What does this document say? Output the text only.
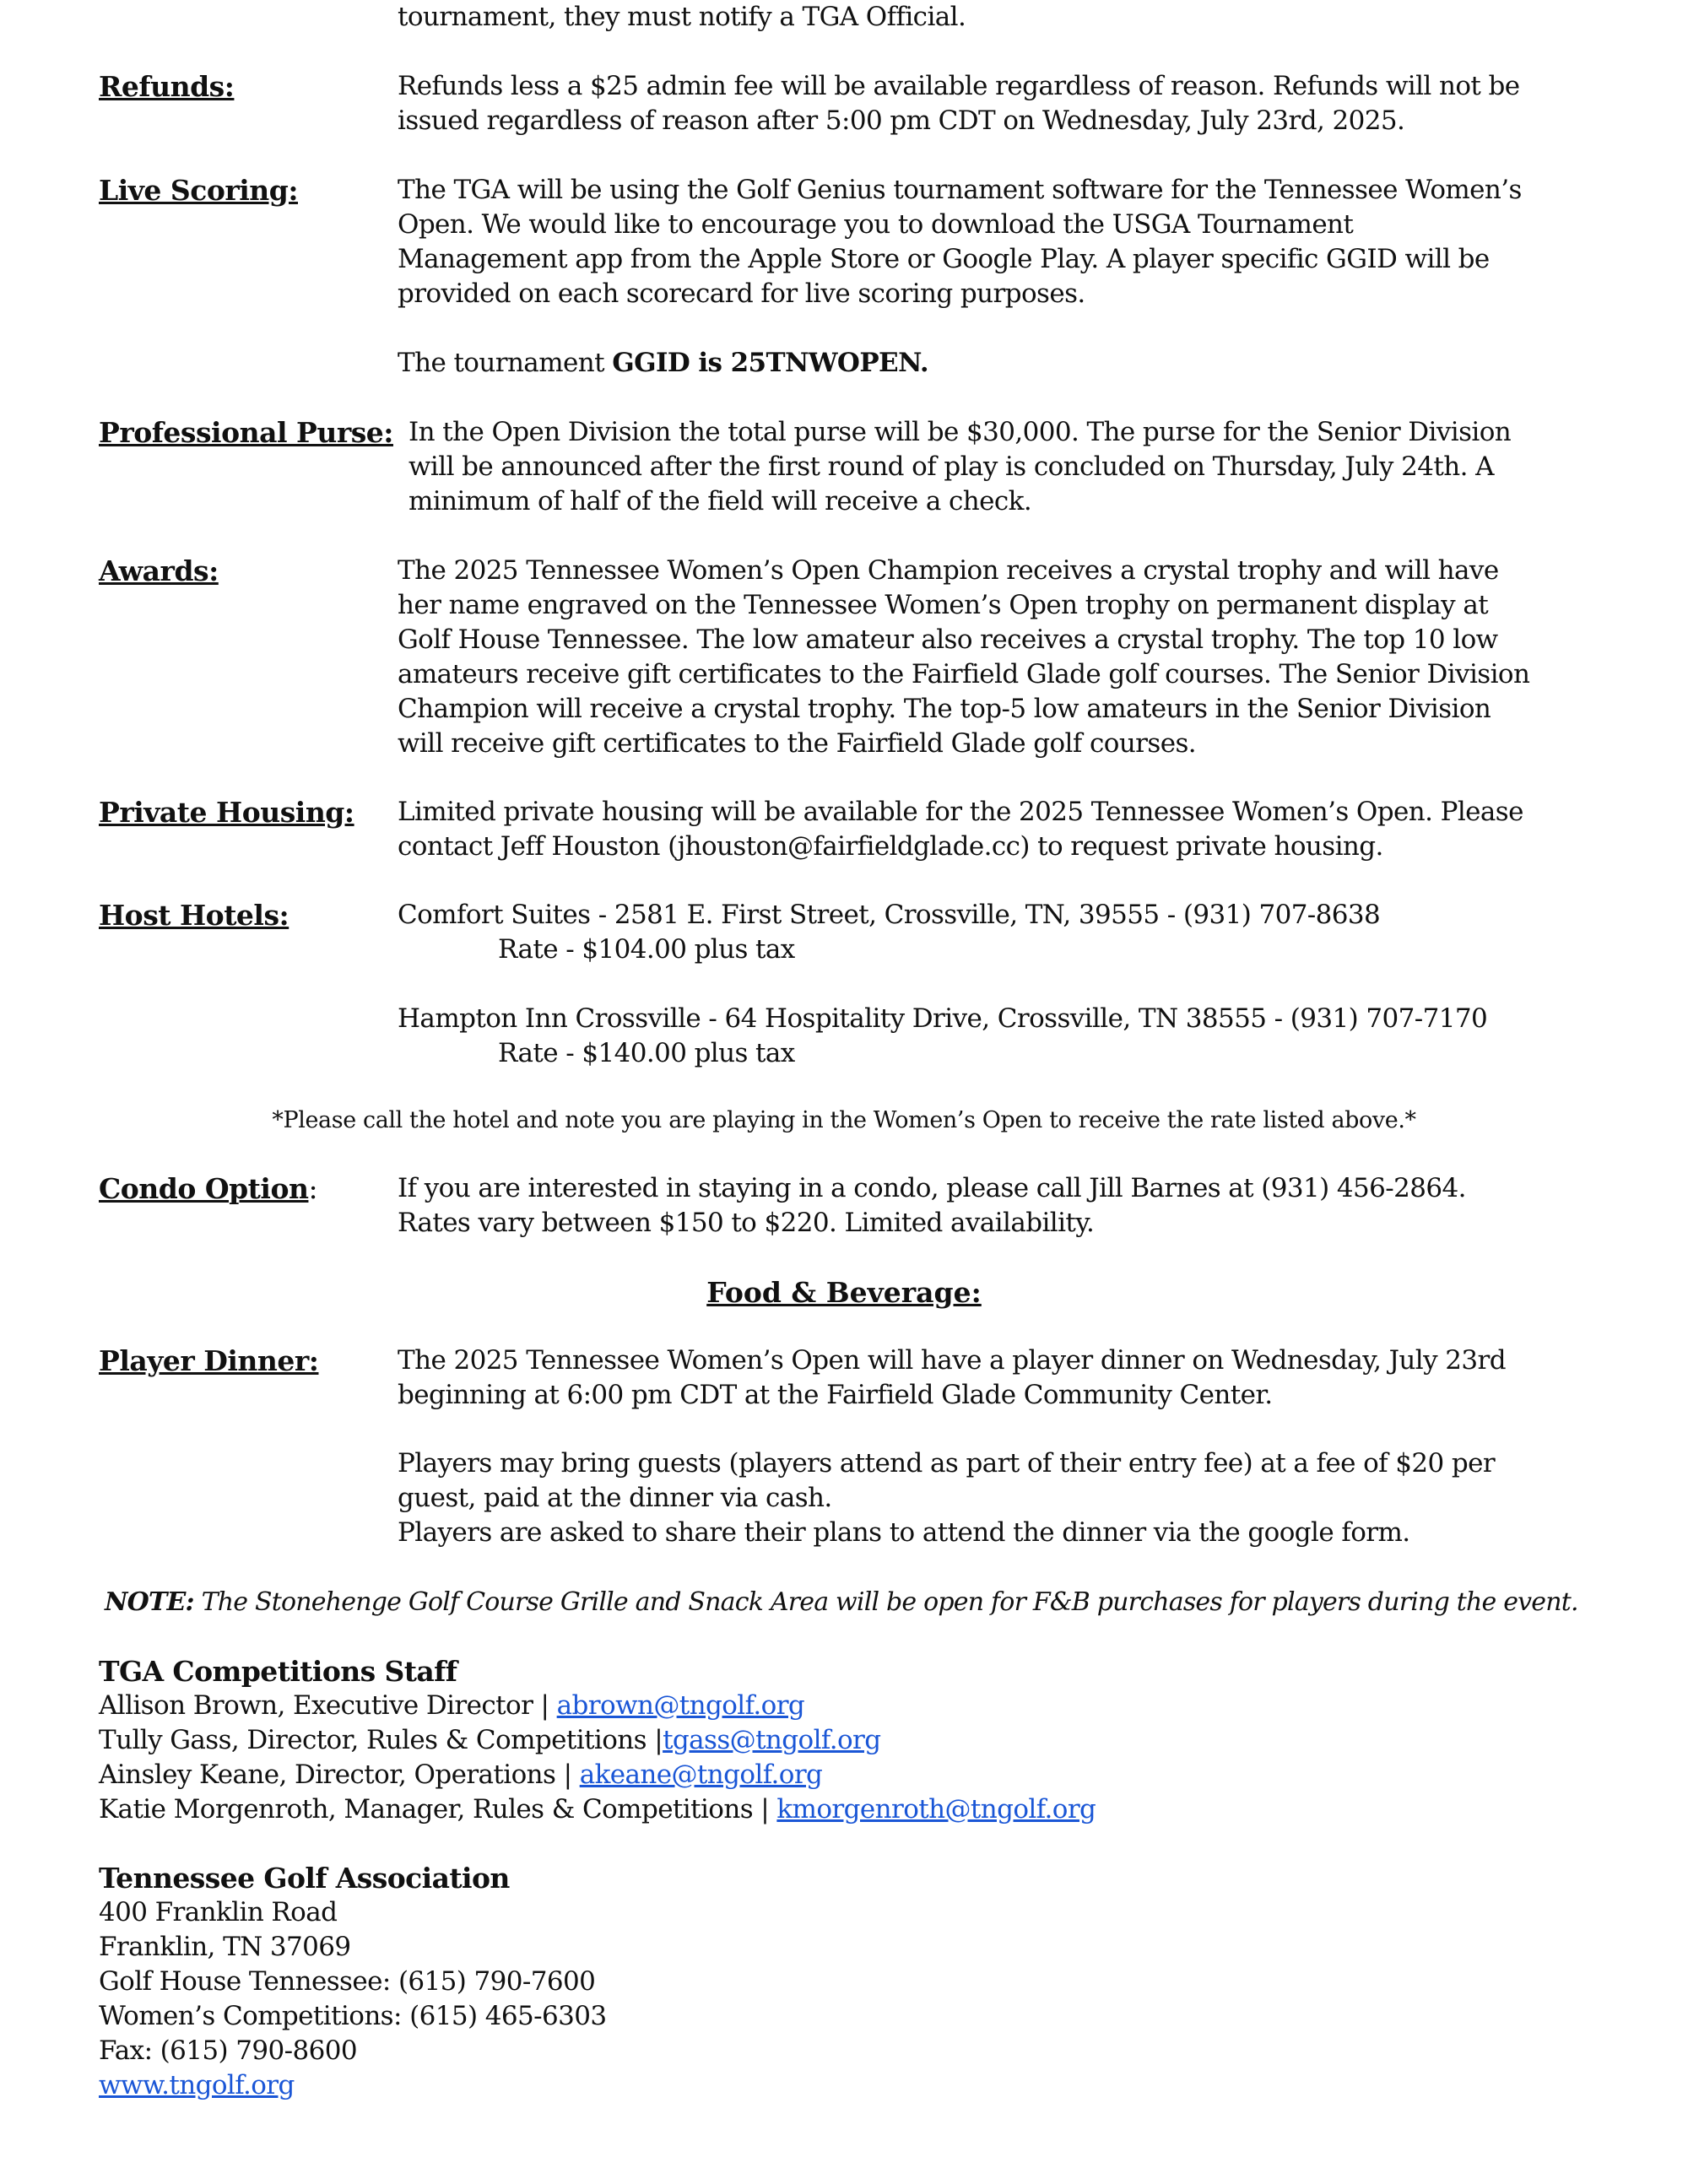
tournament, they must notify a TGA Official.
Refunds:	Refunds less a $25 admin fee will be available regardless of reason. Refunds will not be
issued regardless of reason after 5:00 pm CDT on Wednesday, July 23rd, 2025.
Live Scoring:	The TGA will be using the Golf Genius tournament software for the Tennessee Women’s
Open. We would like to encourage you to download the USGA Tournament
Management app from the Apple Store or Google Play. A player specific GGID will be
provided on each scorecard for live scoring purposes.
The tournament GGID is 25TNWOPEN.
Professional Purse: In the Open Division the total purse will be $30,000. The purse for the Senior Division
will be announced after the first round of play is concluded on Thursday, July 24th. A
minimum of half of the field will receive a check.
Awards:	The 2025 Tennessee Women’s Open Champion receives a crystal trophy and will have
her name engraved on the Tennessee Women’s Open trophy on permanent display at
Golf House Tennessee. The low amateur also receives a crystal trophy. The top 10 low
amateurs receive gift certificates to the Fairfield Glade golf courses. The Senior Division
Champion will receive a crystal trophy. The top-5 low amateurs in the Senior Division
will receive gift certificates to the Fairfield Glade golf courses.
Private Housing: Limited private housing will be available for the 2025 Tennessee Women’s Open. Please
contact Jeff Houston (jhouston@fairfieldglade.cc) to request private housing.
Host Hotels:	Comfort Suites - 2581 E. First Street, Crossville, TN, 39555 - (931) 707-8638
Rate - $104.00 plus tax
Hampton Inn Crossville - 64 Hospitality Drive, Crossville, TN 38555 - (931) 707-7170
Rate - $140.00 plus tax
*Please call the hotel and note you are playing in the Women’s Open to receive the rate listed above.*
Condo Option:	If you are interested in staying in a condo, please call Jill Barnes at (931) 456-2864.
Rates vary between $150 to $220. Limited availability.
Food & Beverage:
Player Dinner:	The 2025 Tennessee Women’s Open will have a player dinner on Wednesday, July 23rd
beginning at 6:00 pm CDT at the Fairfield Glade Community Center.
Players may bring guests (players attend as part of their entry fee) at a fee of $20 per
guest, paid at the dinner via cash.
Players are asked to share their plans to attend the dinner via the google form.
NOTE: The Stonehenge Golf Course Grille and Snack Area will be open for F&B purchases for players during the event.
TGA Competitions Staff
Allison Brown, Executive Director | abrown@tngolf.org
Tully Gass, Director, Rules & Competitions |tgass@tngolf.org
Ainsley Keane, Director, Operations | akeane@tngolf.org
Katie Morgenroth, Manager, Rules & Competitions | kmorgenroth@tngolf.org
Tennessee Golf Association
400 Franklin Road
Franklin, TN 37069
Golf House Tennessee: (615) 790-7600
Women’s Competitions: (615) 465-6303
Fax: (615) 790-8600
www.tngolf.org
